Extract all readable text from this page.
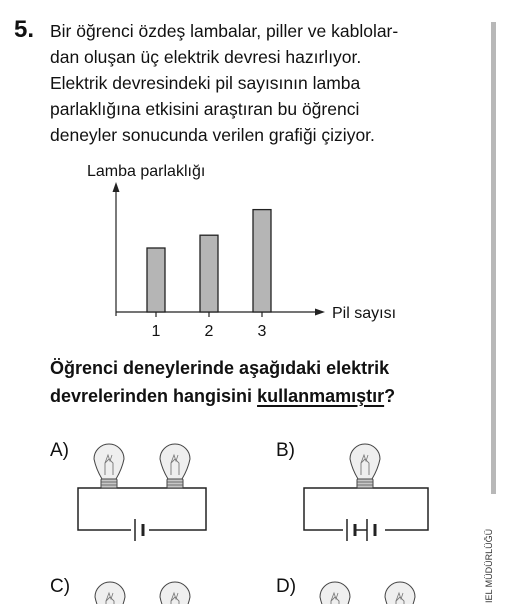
5. Bir öğrenci özdeş lambalar, piller ve kablolar-
dan oluşan üç elektrik devresi hazırlıyor.
Elektrik devresindeki pil sayısının lamba
parlaklığına etkisini araştıran bu öğrenci
deneyler sonucunda verilen grafiği çiziyor.
IEL MÜDÜRLÜĞÜ
Lamba parlaklığı
Pil sayısı
1	2	3
Öğrenci deneylerinde aşağıdaki elektrik
devrelerinden hangisini kullanmamıştır?
A)	B)
C)	D)
